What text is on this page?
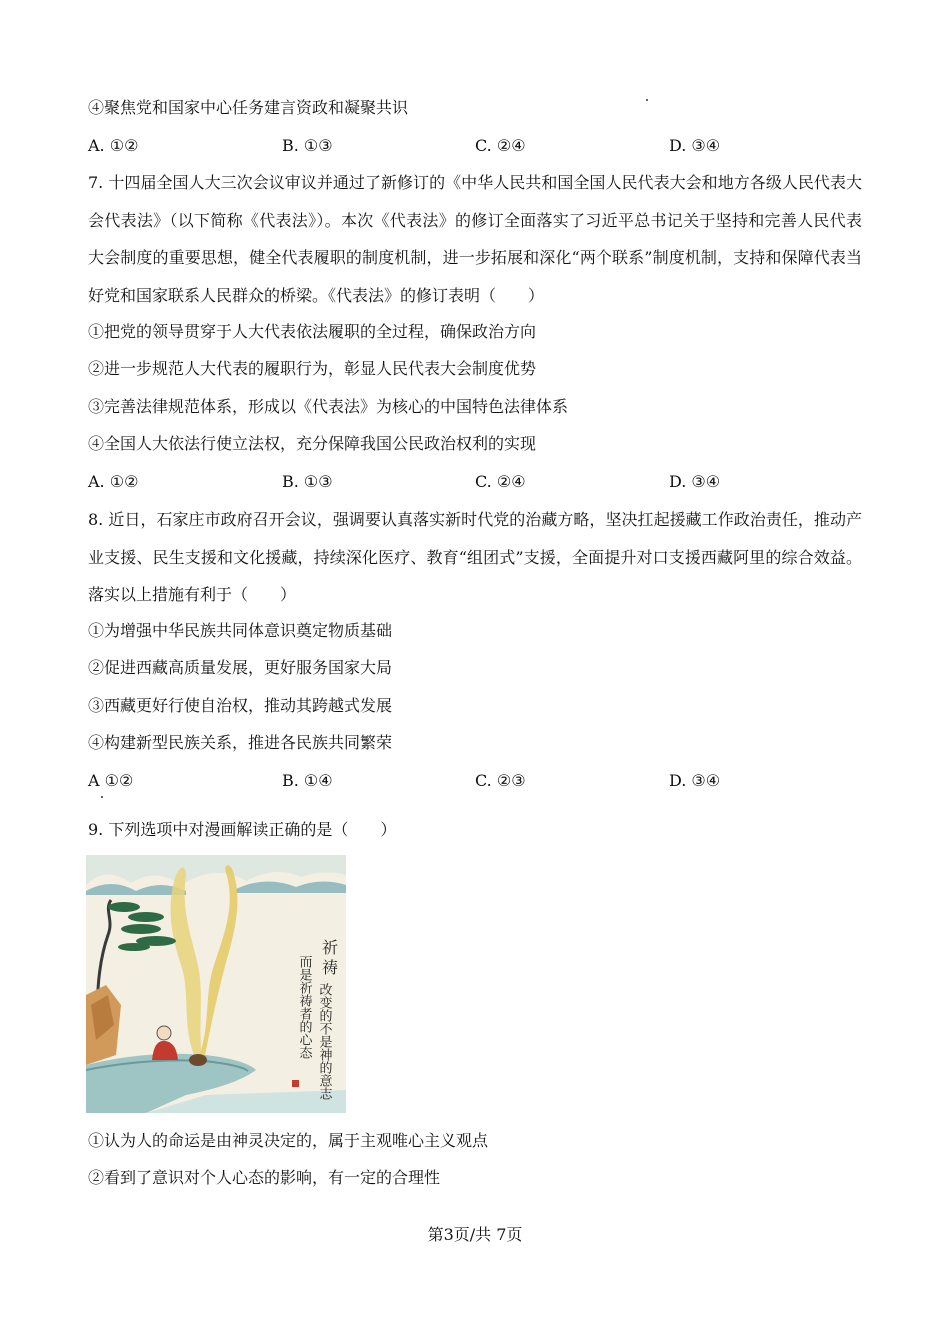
④聚焦党和国家中心任务建言资政和凝聚共识
A. ①②	B. ①③	C. ②④	D. ③④
7. 十四届全国人大三次会议审议并通过了新修订的《中华人民共和国全国人民代表大会和地方各级人民代表大会代表法》（以下简称《代表法》）。本次《代表法》的修订全面落实了习近平总书记关于坚持和完善人民代表大会制度的重要思想，健全代表履职的制度机制，进一步拓展和深化“两个联系”制度机制，支持和保障代表当好党和国家联系人民群众的桥梁。《代表法》的修订表明（　　）
①把党的领导贯穿于人大代表依法履职的全过程，确保政治方向
②进一步规范人大代表的履职行为，彰显人民代表大会制度优势
③完善法律规范体系，形成以《代表法》为核心的中国特色法律体系
④全国人大依法行使立法权，充分保障我国公民政治权利的实现
A. ①②	B. ①③	C. ②④	D. ③④
8. 近日，石家庄市政府召开会议，强调要认真落实新时代党的治藏方略，坚决扛起援藏工作政治责任，推动产业支援、民生支援和文化援藏，持续深化医疗、教育“组团式”支援，全面提升对口支援西藏阿里的综合效益。落实以上措施有利于（　　）
①为增强中华民族共同体意识奠定物质基础
②促进西藏高质量发展，更好服务国家大局
③西藏更好行使自治权，推动其跨越式发展
④构建新型民族关系，推进各民族共同繁荣
A ①②	B. ①④	C. ②③	D. ③④
9. 下列选项中对漫画解读正确的是（　　）
祈
祷
改变的不是神的意志
而是祈祷者的心态
①认为人的命运是由神灵决定的，属于主观唯心主义观点
②看到了意识对个人心态的影响，有一定的合理性
第3页/共 7页
